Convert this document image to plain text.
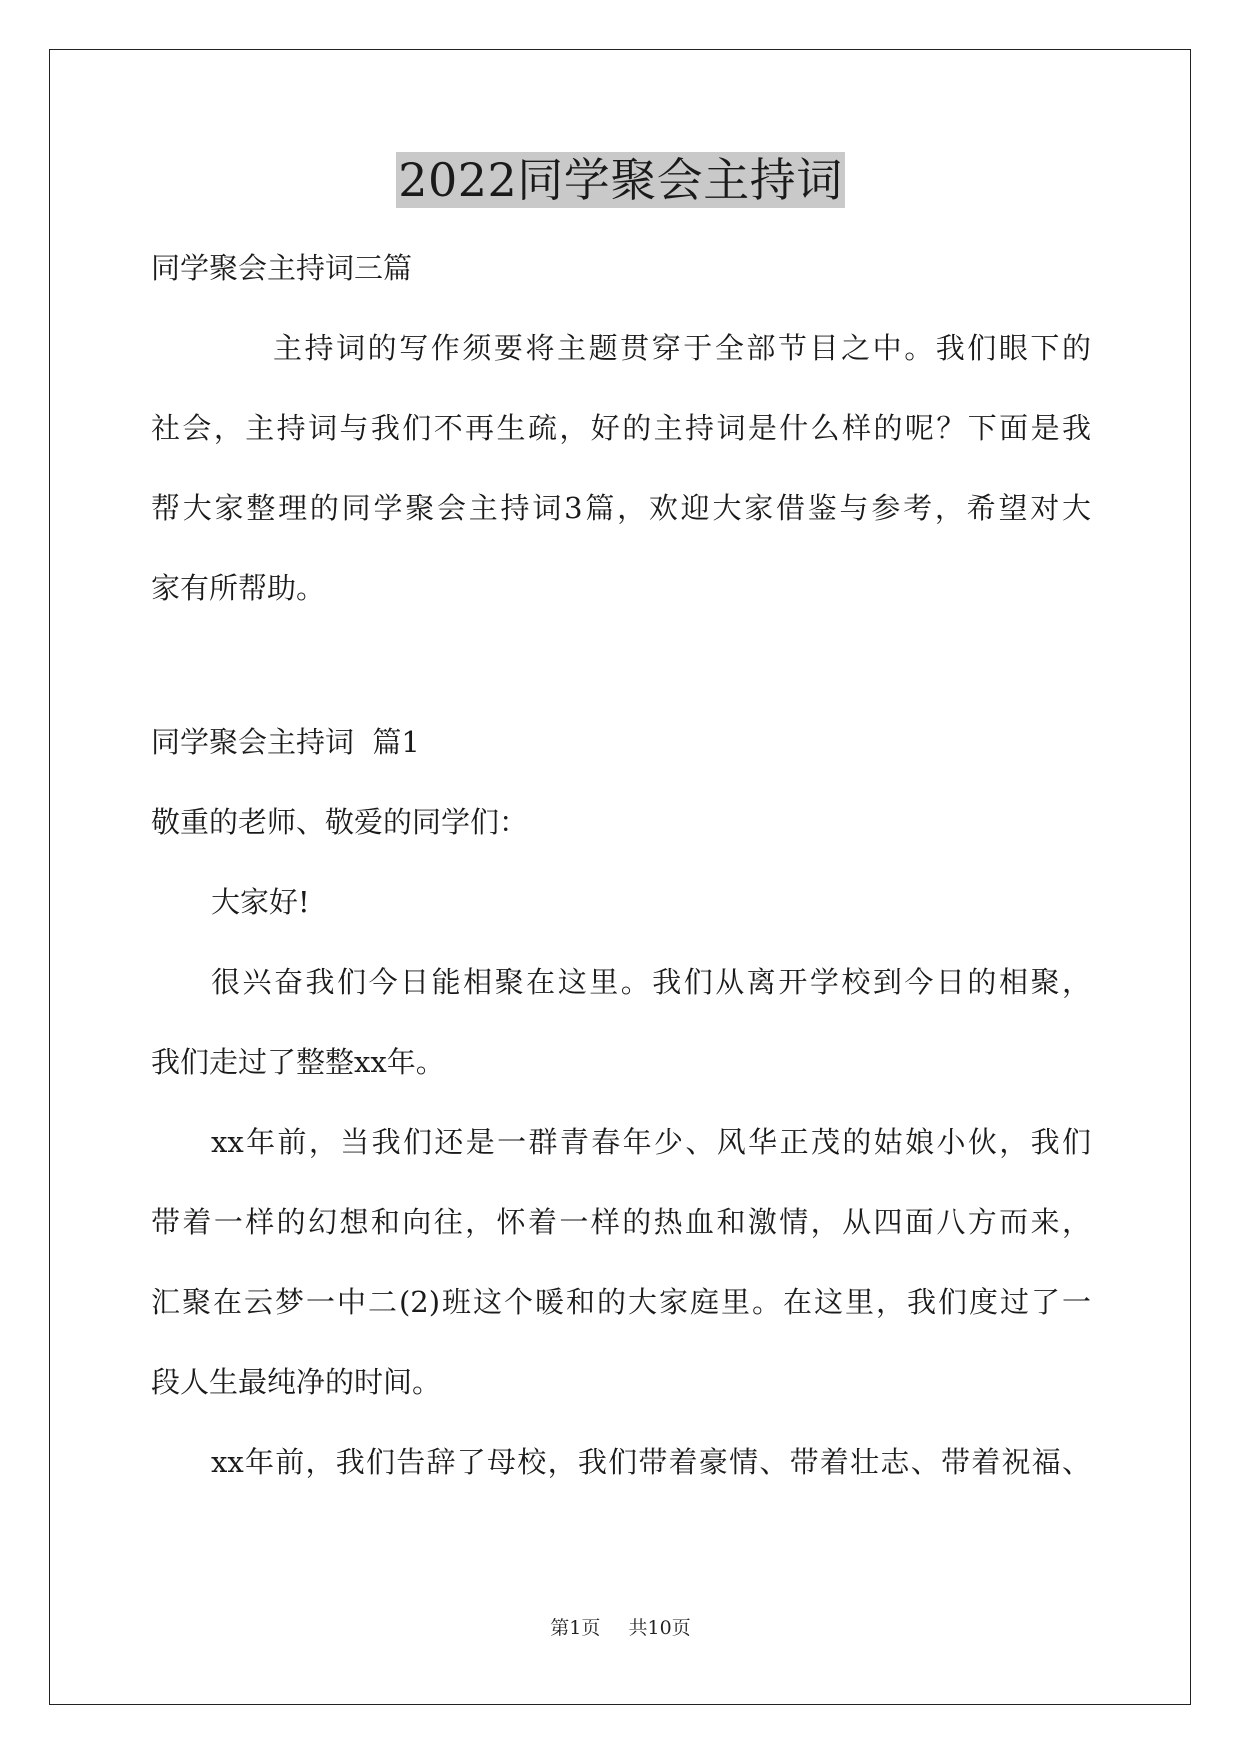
2022同学聚会主持词
同学聚会主持词三篇
主持词的写作须要将主题贯穿于全部节目之中。我们眼下的
社会，主持词与我们不再生疏，好的主持词是什么样的呢？下面是我
帮大家整理的同学聚会主持词3篇，欢迎大家借鉴与参考，希望对大
家有所帮助。
同学聚会主持词  篇1
敬重的老师、敬爱的同学们：
大家好!
很兴奋我们今日能相聚在这里。我们从离开学校到今日的相聚，
我们走过了整整xx年。
xx年前，当我们还是一群青春年少、风华正茂的姑娘小伙，我们
带着一样的幻想和向往，怀着一样的热血和激情，从四面八方而来，
汇聚在云梦一中二(2)班这个暖和的大家庭里。在这里，我们度过了一
段人生最纯净的时间。
xx年前，我们告辞了母校，我们带着豪情、带着壮志、带着祝福、
第1页 共10页
